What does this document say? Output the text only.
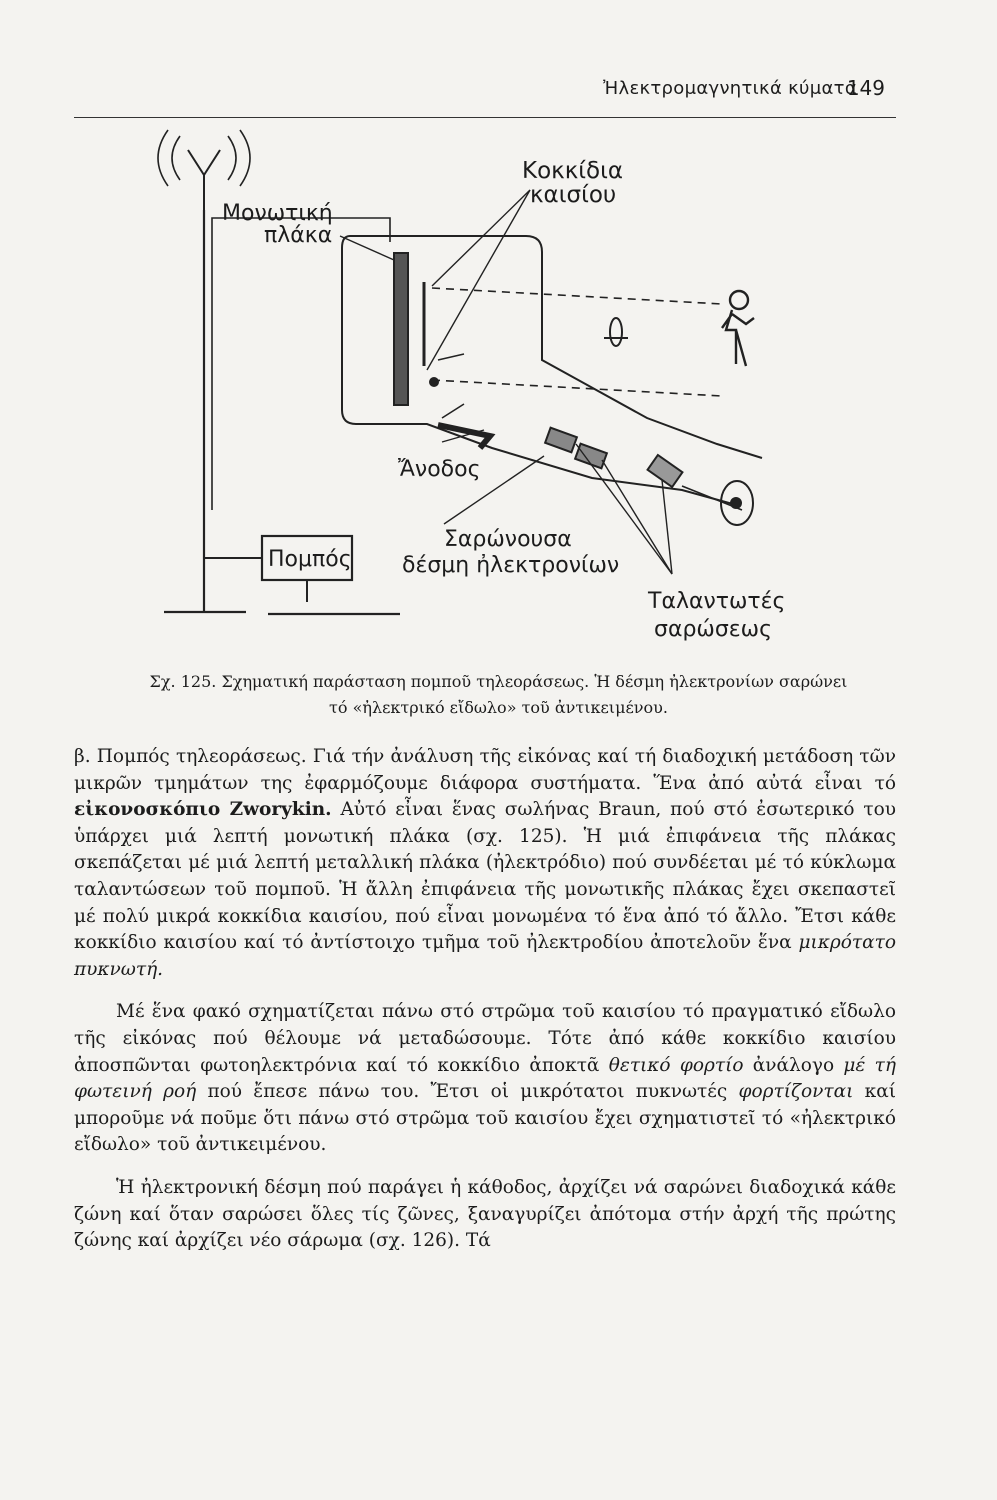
Ἠλεκτρομαγνητικά κύματα
149
Κοκκίδια
καισίου
Μονωτική
πλάκα
Ἄνοδος
Σαρώνουσα
δέσμη ἠλεκτρονίων
Πομπός
Ταλαντωτές
σαρώσεως
Σχ. 125. Σχηματική παράσταση πομποῦ τηλεοράσεως. Ἡ δέσμη ἠλεκτρονίων σαρώνει
τό «ἠλεκτρικό εἴδωλο» τοῦ ἀντικειμένου.

β. Πομπός τηλεοράσεως. Γιά τήν ἀνάλυση τῆς εἰκόνας καί τή διαδοχική μετάδοση τῶν μικρῶν τμημάτων της ἐφαρμόζουμε διάφορα συστήματα. Ἕνα ἀπό αὐτά εἶναι τό εἰκονοσκόπιο Zworykin. Αὐτό εἶναι ἕνας σωλήνας Braun, πού στό ἐσωτερικό του ὑπάρχει μιά λεπτή μονωτική πλάκα (σχ. 125). Ἡ μιά ἐπιφάνεια τῆς πλάκας σκεπάζεται μέ μιά λεπτή μεταλλική πλάκα (ἠλεκτρόδιο) πού συνδέεται μέ τό κύκλωμα ταλαντώσεων τοῦ πομποῦ. Ἡ ἄλλη ἐπιφάνεια τῆς μονωτικῆς πλάκας ἔχει σκεπαστεῖ μέ πολύ μικρά κοκκίδια καισίου, πού εἶναι μονωμένα τό ἕνα ἀπό τό ἄλλο. Ἔτσι κάθε κοκκίδιο καισίου καί τό ἀντίστοιχο τμῆμα τοῦ ἠλεκτροδίου ἀποτελοῦν ἕνα μικρότατο πυκνωτή.

Μέ ἕνα φακό σχηματίζεται πάνω στό στρῶμα τοῦ καισίου τό πραγματικό εἴδωλο τῆς εἰκόνας πού θέλουμε νά μεταδώσουμε. Τότε ἀπό κάθε κοκκίδιο καισίου ἀποσπῶνται φωτοηλεκτρόνια καί τό κοκκίδιο ἀποκτᾶ θετικό φορτίο ἀνάλογο μέ τή φωτεινή ροή πού ἔπεσε πάνω του. Ἔτσι οἱ μικρότατοι πυκνωτές φορτίζονται καί μποροῦμε νά ποῦμε ὅτι πάνω στό στρῶμα τοῦ καισίου ἔχει σχηματιστεῖ τό «ἠλεκτρικό εἴδωλο» τοῦ ἀντικειμένου.

Ἡ ἠλεκτρονική δέσμη πού παράγει ἡ κάθοδος, ἀρχίζει νά σαρώνει διαδοχικά κάθε ζώνη καί ὅταν σαρώσει ὅλες τίς ζῶνες, ξαναγυρίζει ἀπότομα στήν ἀρχή τῆς πρώτης ζώνης καί ἀρχίζει νέο σάρωμα (σχ. 126). Τά
